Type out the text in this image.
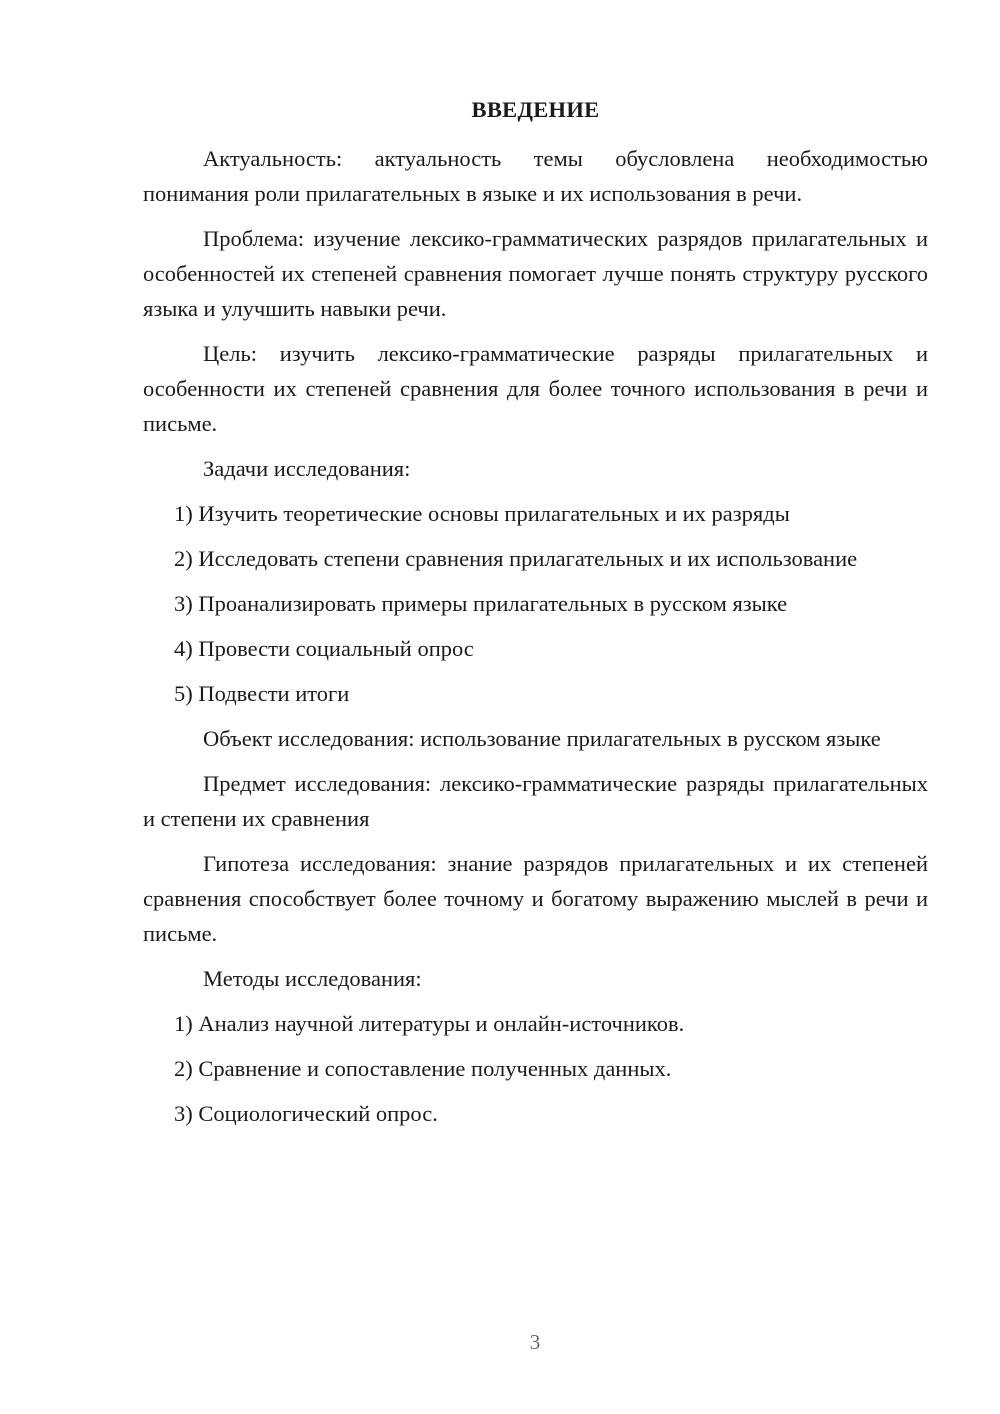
ВВЕДЕНИЕ

Актуальность: актуальность темы обусловлена необходимостью понимания роли прилагательных в языке и их использования в речи.

Проблема: изучение лексико-грамматических разрядов прилагательных и особенностей их степеней сравнения помогает лучше понять структуру русского языка и улучшить навыки речи.

Цель: изучить лексико-грамматические разряды прилагательных и особенности их степеней сравнения для более точного использования в речи и письме.

Задачи исследования:

1) Изучить теоретические основы прилагательных и их разряды
2) Исследовать степени сравнения прилагательных и их использование
3) Проанализировать примеры прилагательных в русском языке
4) Провести социальный опрос
5) Подвести итоги

Объект исследования: использование прилагательных в русском языке

Предмет исследования: лексико-грамматические разряды прилагательных и степени их сравнения

Гипотеза исследования: знание разрядов прилагательных и их степеней сравнения способствует более точному и богатому выражению мыслей в речи и письме.

Методы исследования:

1) Анализ научной литературы и онлайн-источников.
2) Сравнение и сопоставление полученных данных.
3) Социологический опрос.
3
